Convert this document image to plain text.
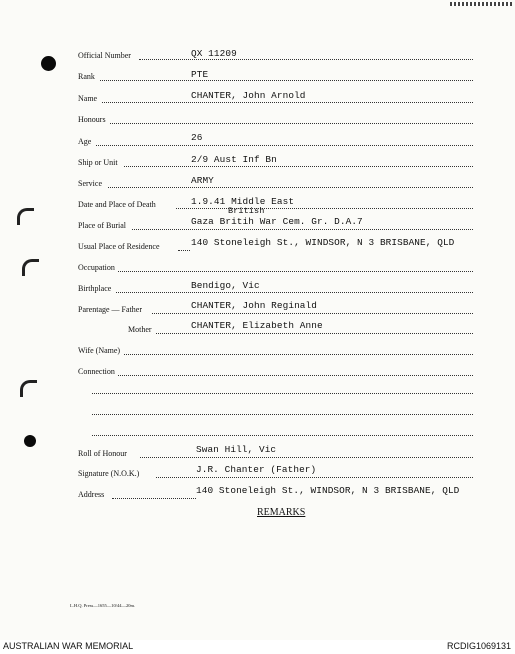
Official Number	QX 11209
Rank	PTE
Name	CHANTER, John Arnold
Honours
Age	26
Ship or Unit	2/9 Aust Inf Bn
Service	ARMY
Date and Place of Death	1.9.41 Middle East
British
Place of Burial	Gaza Britih War Cem. Gr. D.A.7
Usual Place of Residence	140 Stoneleigh St., WINDSOR, N 3 BRISBANE, QLD
Occupation
Birthplace	Bendigo, Vic
Parentage — Father	CHANTER, John Reginald
Mother	CHANTER, Elizabeth Anne
Wife (Name)
Connection
Roll of Honour	Swan Hill, Vic
Signature (N.O.K.)	J.R. Chanter (Father)
Address	140 Stoneleigh St., WINDSOR, N 3 BRISBANE, QLD
REMARKS
L.H.Q. Press—1655—10/44—20m.
AUSTRALIAN WAR MEMORIAL	RCDIG1069131
